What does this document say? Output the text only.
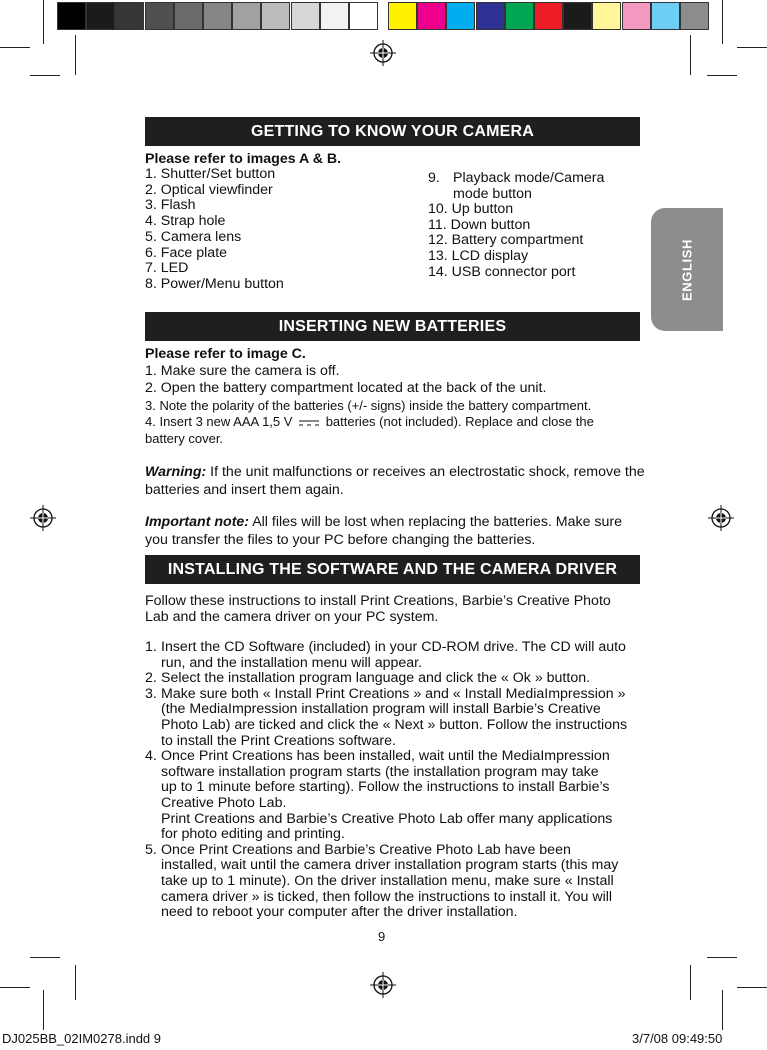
ENGLISH
GETTING TO KNOW YOUR CAMERA
Please refer to images A & B.
1. Shutter/Set button
2. Optical viewfinder
3. Flash
4. Strap hole
5. Camera lens
6. Face plate
7. LED
8. Power/Menu button
9. Playback mode/Camera
mode button
10. Up button
11. Down button
12. Battery compartment
13. LCD display
14. USB connector port
INSERTING NEW BATTERIES
Please refer to image C.
1. Make sure the camera is off.
2. Open the battery compartment located at the back of the unit.
3. Note the polarity of the batteries (+/- signs) inside the battery compartment.
4. Insert 3 new AAA 1,5 V	batteries (not included). Replace and close the
battery cover.
Warning: If the unit malfunctions or receives an electrostatic shock, remove the batteries and insert them again.
Important note: All files will be lost when replacing the batteries. Make sure you transfer the files to your PC before changing the batteries.
INSTALLING THE SOFTWARE AND THE CAMERA DRIVER
Follow these instructions to install Print Creations, Barbie’s Creative Photo
Lab and the camera driver on your PC system.
1. Insert the CD Software (included) in your CD-ROM drive. The CD will auto
run, and the installation menu will appear.
2. Select the installation program language and click the « Ok » button.
3. Make sure both « Install Print Creations » and « Install MediaImpression »
(the MediaImpression installation program will install Barbie’s Creative
Photo Lab) are ticked and click the « Next » button. Follow the instructions
to install the Print Creations software.
4. Once Print Creations has been installed, wait until the MediaImpression
software installation program starts (the installation program may take
up to 1 minute before starting). Follow the instructions to install Barbie’s
Creative Photo Lab.
Print Creations and Barbie’s Creative Photo Lab offer many applications
for photo editing and printing.
5. Once Print Creations and Barbie’s Creative Photo Lab have been
installed, wait until the camera driver installation program starts (this may
take up to 1 minute). On the driver installation menu, make sure « Install
camera driver » is ticked, then follow the instructions to install it. You will
need to reboot your computer after the driver installation.
9
DJ025BB_02IM0278.indd 9	3/7/08 09:49:50
